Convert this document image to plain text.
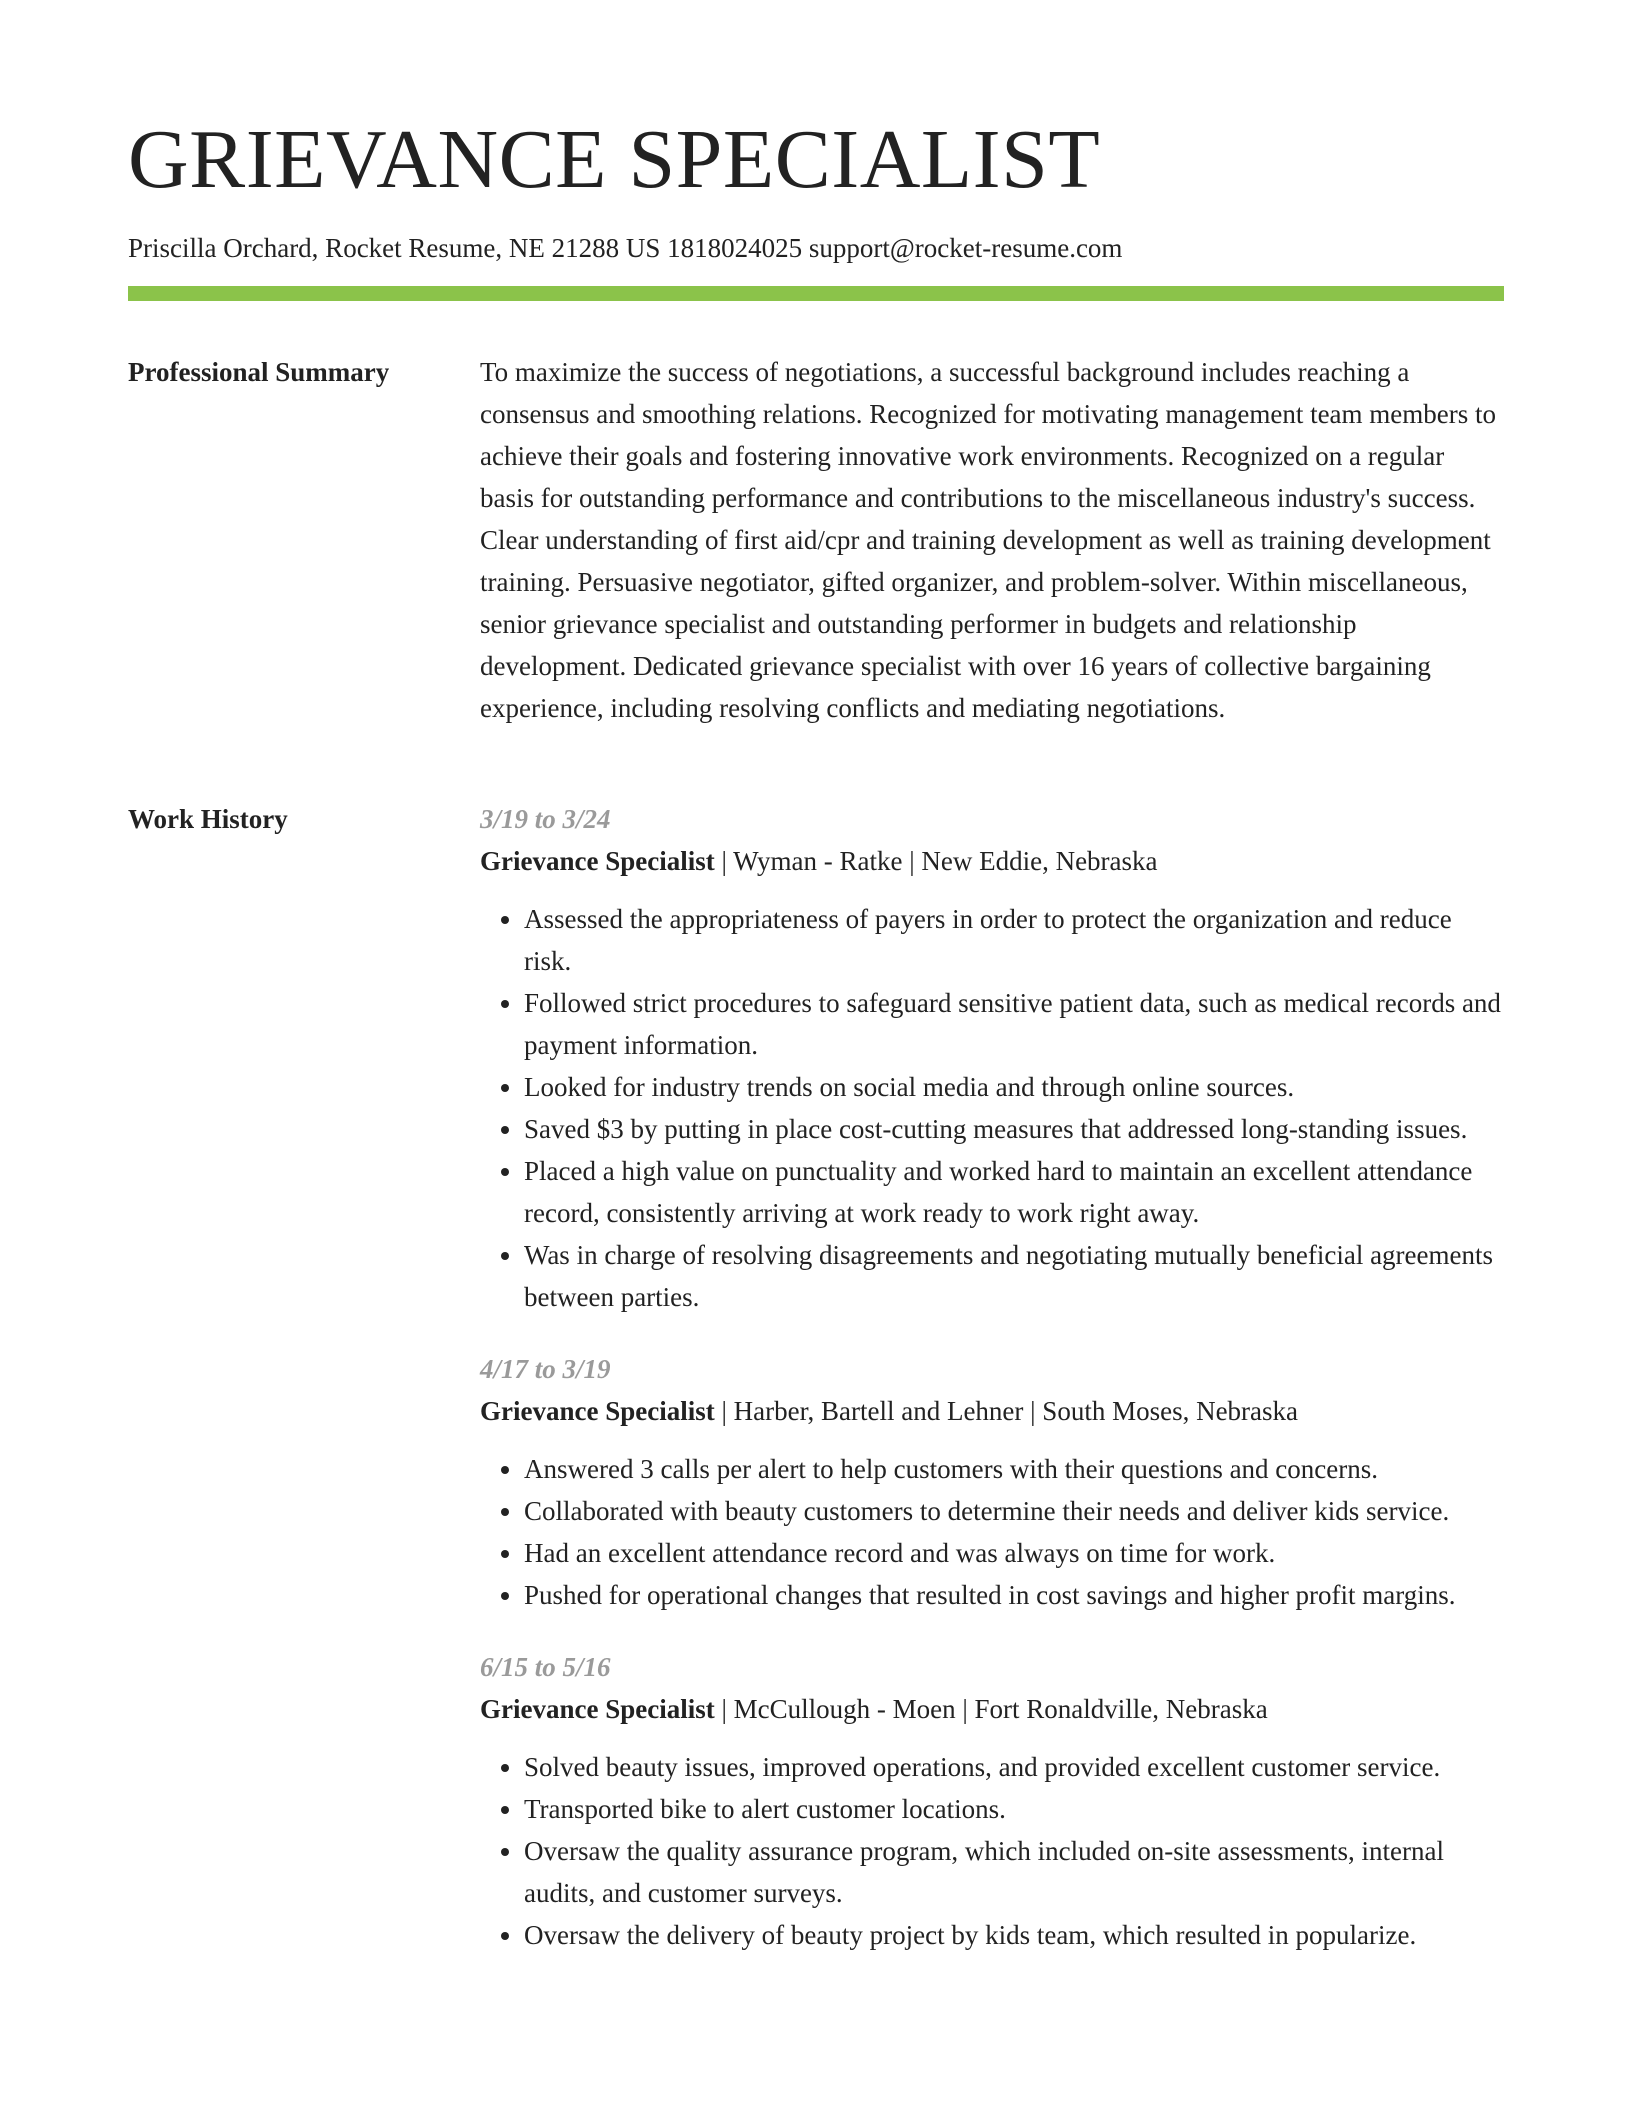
GRIEVANCE SPECIALIST
Priscilla Orchard, Rocket Resume, NE 21288 US 1818024025 support@rocket-resume.com
Professional Summary	To maximize the success of negotiations, a successful background includes reaching a consensus and smoothing relations. Recognized for motivating management team members to achieve their goals and fostering innovative work environments. Recognized on a regular basis for outstanding performance and contributions to the miscellaneous industry's success. Clear understanding of first aid/cpr and training development as well as training development training. Persuasive negotiator, gifted organizer, and problem-solver. Within miscellaneous, senior grievance specialist and outstanding performer in budgets and relationship development. Dedicated grievance specialist with over 16 years of collective bargaining experience, including resolving conflicts and mediating negotiations.

Work History	3/19 to 3/24
Grievance Specialist | Wyman - Ratke | New Eddie, Nebraska
• Assessed the appropriateness of payers in order to protect the organization and reduce risk.
• Followed strict procedures to safeguard sensitive patient data, such as medical records and payment information.
• Looked for industry trends on social media and through online sources.
• Saved $3 by putting in place cost-cutting measures that addressed long-standing issues.
• Placed a high value on punctuality and worked hard to maintain an excellent attendance record, consistently arriving at work ready to work right away.
• Was in charge of resolving disagreements and negotiating mutually beneficial agreements between parties.
4/17 to 3/19
Grievance Specialist | Harber, Bartell and Lehner | South Moses, Nebraska
• Answered 3 calls per alert to help customers with their questions and concerns.
• Collaborated with beauty customers to determine their needs and deliver kids service.
• Had an excellent attendance record and was always on time for work.
• Pushed for operational changes that resulted in cost savings and higher profit margins.
6/15 to 5/16
Grievance Specialist | McCullough - Moen | Fort Ronaldville, Nebraska
• Solved beauty issues, improved operations, and provided excellent customer service.
• Transported bike to alert customer locations.
• Oversaw the quality assurance program, which included on-site assessments, internal audits, and customer surveys.
• Oversaw the delivery of beauty project by kids team, which resulted in popularize.
